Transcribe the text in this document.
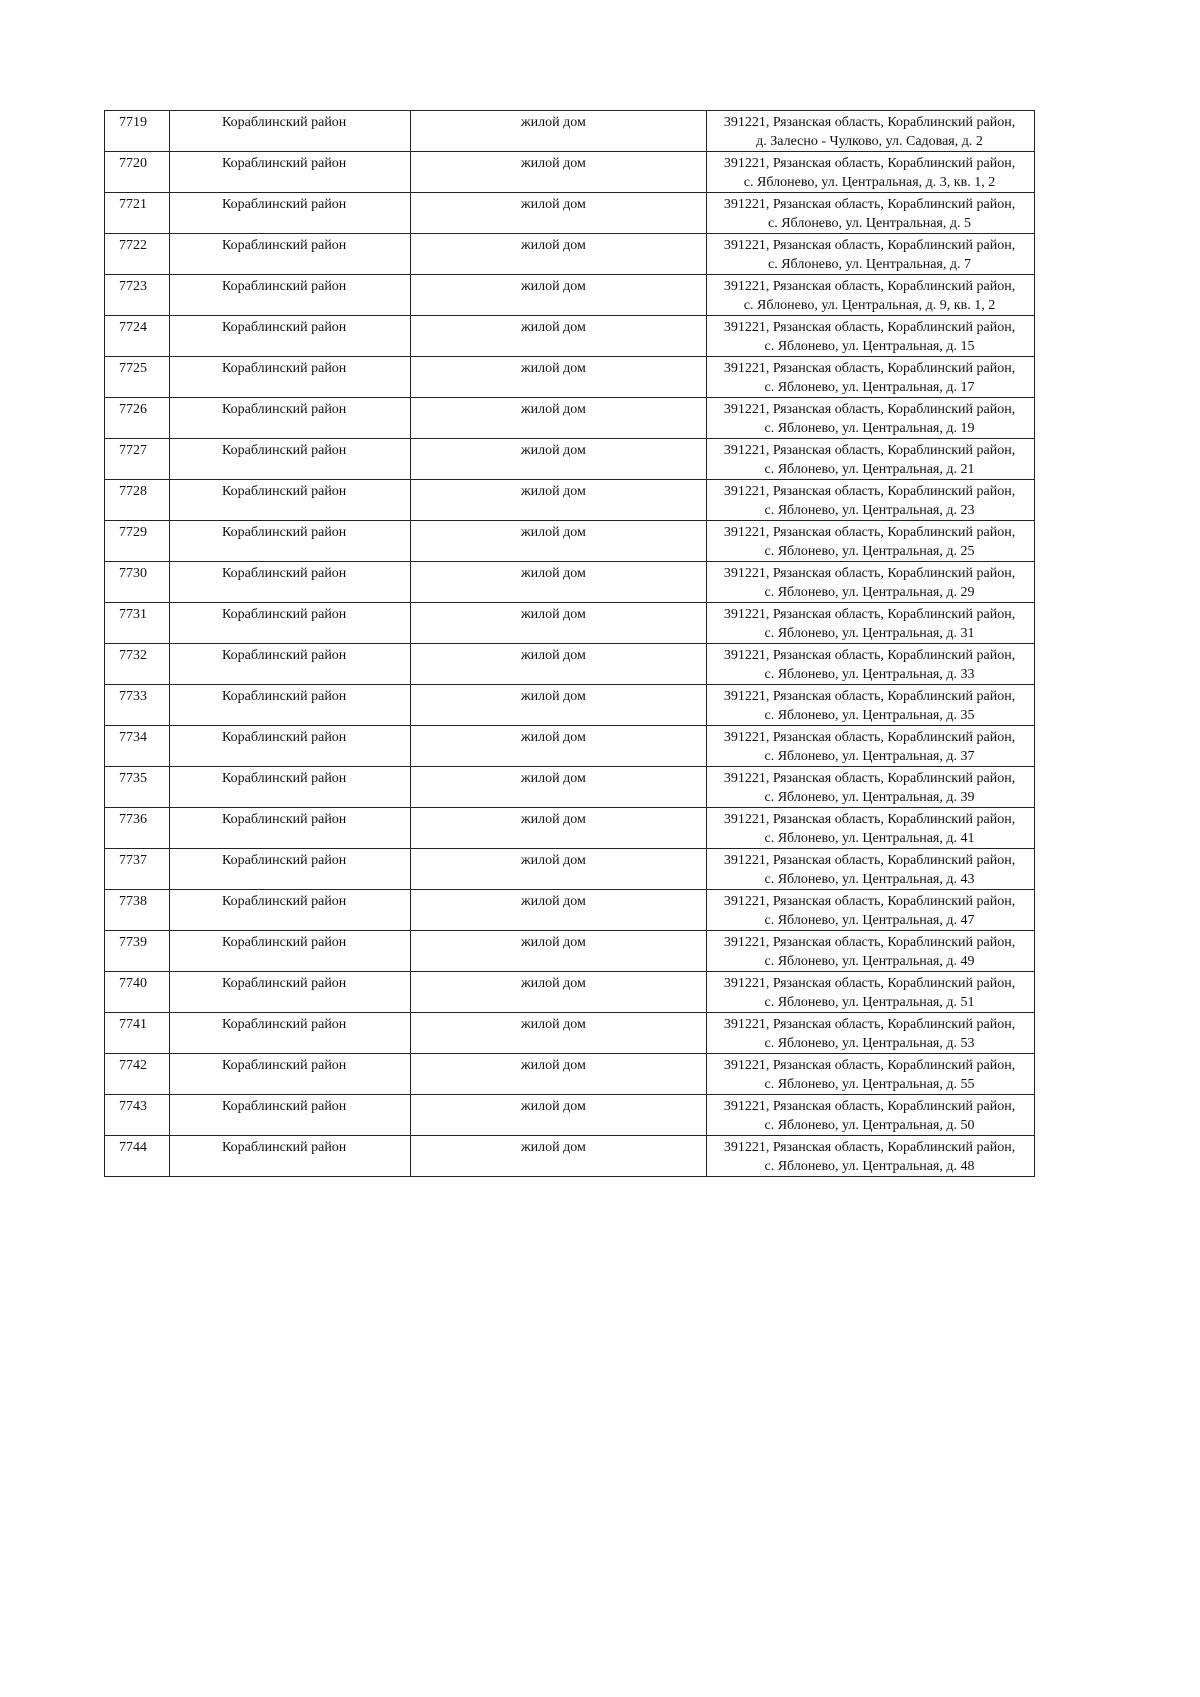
7719	Кораблинский район	жилой дом	391221, Рязанская область, Кораблинский район,
д. Залесно - Чулково, ул. Садовая, д. 2

7720	Кораблинский район	жилой дом	391221, Рязанская область, Кораблинский район,
с. Яблонево, ул. Центральная, д. 3, кв. 1, 2

7721	Кораблинский район	жилой дом	391221, Рязанская область, Кораблинский район,
с. Яблонево, ул. Центральная, д. 5

7722	Кораблинский район	жилой дом	391221, Рязанская область, Кораблинский район,
с. Яблонево, ул. Центральная, д. 7

7723	Кораблинский район	жилой дом	391221, Рязанская область, Кораблинский район,
с. Яблонево, ул. Центральная, д. 9, кв. 1, 2

7724	Кораблинский район	жилой дом	391221, Рязанская область, Кораблинский район,
с. Яблонево, ул. Центральная, д. 15

7725	Кораблинский район	жилой дом	391221, Рязанская область, Кораблинский район,
с. Яблонево, ул. Центральная, д. 17

7726	Кораблинский район	жилой дом	391221, Рязанская область, Кораблинский район,
с. Яблонево, ул. Центральная, д. 19

7727	Кораблинский район	жилой дом	391221, Рязанская область, Кораблинский район,
с. Яблонево, ул. Центральная, д. 21

7728	Кораблинский район	жилой дом	391221, Рязанская область, Кораблинский район,
с. Яблонево, ул. Центральная, д. 23

7729	Кораблинский район	жилой дом	391221, Рязанская область, Кораблинский район,
с. Яблонево, ул. Центральная, д. 25

7730	Кораблинский район	жилой дом	391221, Рязанская область, Кораблинский район,
с. Яблонево, ул. Центральная, д. 29

7731	Кораблинский район	жилой дом	391221, Рязанская область, Кораблинский район,
с. Яблонево, ул. Центральная, д. 31

7732	Кораблинский район	жилой дом	391221, Рязанская область, Кораблинский район,
с. Яблонево, ул. Центральная, д. 33

7733	Кораблинский район	жилой дом	391221, Рязанская область, Кораблинский район,
с. Яблонево, ул. Центральная, д. 35

7734	Кораблинский район	жилой дом	391221, Рязанская область, Кораблинский район,
с. Яблонево, ул. Центральная, д. 37

7735	Кораблинский район	жилой дом	391221, Рязанская область, Кораблинский район,
с. Яблонево, ул. Центральная, д. 39

7736	Кораблинский район	жилой дом	391221, Рязанская область, Кораблинский район,
с. Яблонево, ул. Центральная, д. 41

7737	Кораблинский район	жилой дом	391221, Рязанская область, Кораблинский район,
с. Яблонево, ул. Центральная, д. 43

7738	Кораблинский район	жилой дом	391221, Рязанская область, Кораблинский район,
с. Яблонево, ул. Центральная, д. 47

7739	Кораблинский район	жилой дом	391221, Рязанская область, Кораблинский район,
с. Яблонево, ул. Центральная, д. 49

7740	Кораблинский район	жилой дом	391221, Рязанская область, Кораблинский район,
с. Яблонево, ул. Центральная, д. 51

7741	Кораблинский район	жилой дом	391221, Рязанская область, Кораблинский район,
с. Яблонево, ул. Центральная, д. 53

7742	Кораблинский район	жилой дом	391221, Рязанская область, Кораблинский район,
с. Яблонево, ул. Центральная, д. 55

7743	Кораблинский район	жилой дом	391221, Рязанская область, Кораблинский район,
с. Яблонево, ул. Центральная, д. 50

7744	Кораблинский район	жилой дом	391221, Рязанская область, Кораблинский район,
с. Яблонево, ул. Центральная, д. 48
